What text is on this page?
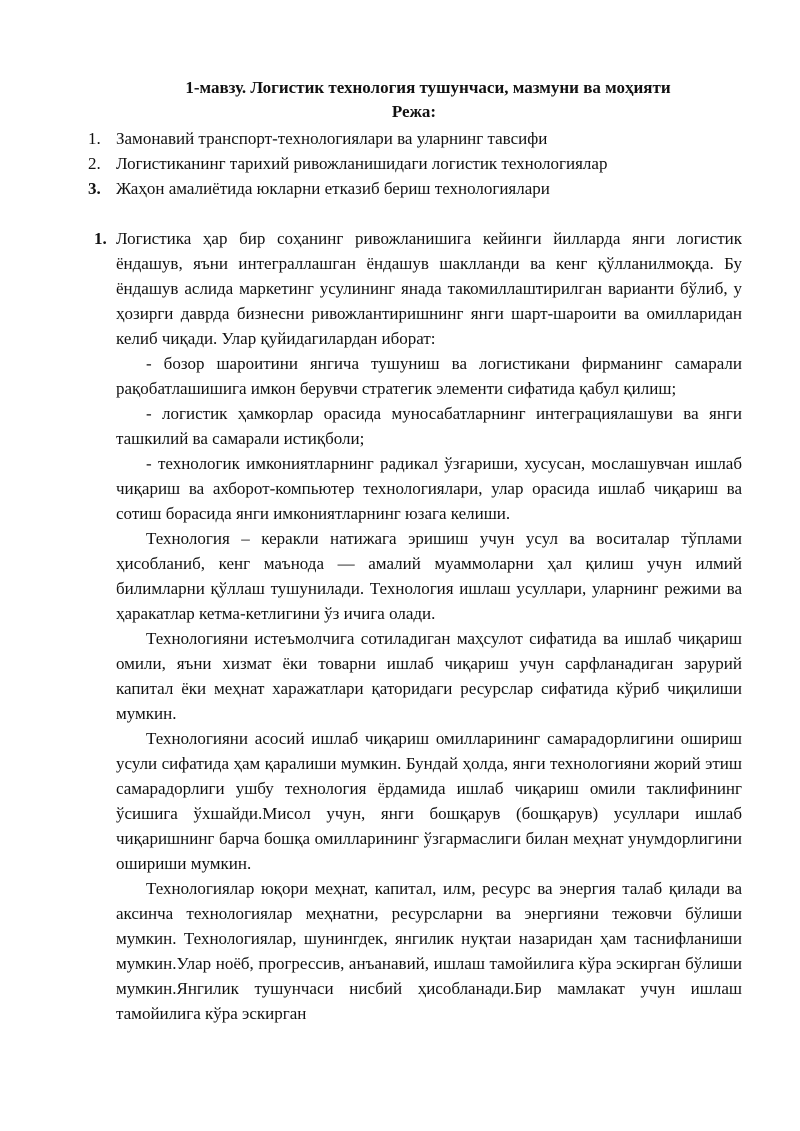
1-мавзу. Логистик технология тушунчаси, мазмуни ва моҳияти
Режа:
1. Замонавий транспорт-технологиялари ва уларнинг тавсифи
2. Логистиканинг тарихий ривожланишидаги логистик технологиялар
3. Жаҳон амалиётида юкларни етказиб бериш технологиялари
1. Логистика ҳар бир соҳанинг ривожланишига кейинги йилларда янги логистик ёндашув, яъни интеграллашган ёндашув шаклланди ва кенг қўлланилмоқда. Бу ёндашув аслида маркетинг усулининг янада такомиллаштирилган варианти бўлиб, у ҳозирги даврда бизнесни ривожлантиришнинг янги шарт-шароити ва омилларидан келиб чиқади. Улар қуйидагилардан иборат:

- бозор шароитини янгича тушуниш ва логистикани фирманинг самарали рақобатлашишига имкон берувчи стратегик элементи сифатида қабул қилиш;

- логистик ҳамкорлар орасида муносабатларнинг интеграциялашуви ва янги ташкилий ва самарали истиқболи;

- технологик имкониятларнинг радикал ўзгариши, хусусан, мослашувчан ишлаб чиқариш ва ахборот-компьютер технологиялари, улар орасида ишлаб чиқариш ва сотиш борасида янги имкониятларнинг юзага келиши.

Технология – керакли натижага эришиш учун усул ва воситалар тўплами ҳисобланиб, кенг маънода — амалий муаммоларни ҳал қилиш учун илмий билимларни қўллаш тушунилади. Технология ишлаш усуллари, уларнинг режими ва ҳаракатлар кетма-кетлигини ўз ичига олади.

Технологияни истеъмолчига сотиладиган маҳсулот сифатида ва ишлаб чиқариш омили, яъни хизмат ёки товарни ишлаб чиқариш учун сарфланадиган зарурий капитал ёки меҳнат харажатлари қаторидаги ресурслар сифатида кўриб чиқилиши мумкин.

Технологияни асосий ишлаб чиқариш омилларининг самарадорлигини ошириш усули сифатида ҳам қаралиши мумкин. Бундай ҳолда, янги технологияни жорий этиш самарадорлиги ушбу технология ёрдамида ишлаб чиқариш омили таклифининг ўсишига ўхшайди.Мисол учун, янги бошқарув (бошқарув) усуллари ишлаб чиқаришнинг барча бошқа омилларининг ўзгармаслиги билан меҳнат унумдорлигини ошириши мумкин.

Технологиялар юқори меҳнат, капитал, илм, ресурс ва энергия талаб қилади ва аксинча технологиялар меҳнатни, ресурсларни ва энергияни тежовчи бўлиши мумкин. Технологиялар, шунингдек, янгилик нуқтаи назаридан ҳам таснифланиши мумкин.Улар ноёб, прогрессив, анъанавий, ишлаш тамойилига кўра эскирган бўлиши мумкин.Янгилик тушунчаси нисбий ҳисобланади.Бир мамлакат учун ишлаш тамойилига кўра эскирган
